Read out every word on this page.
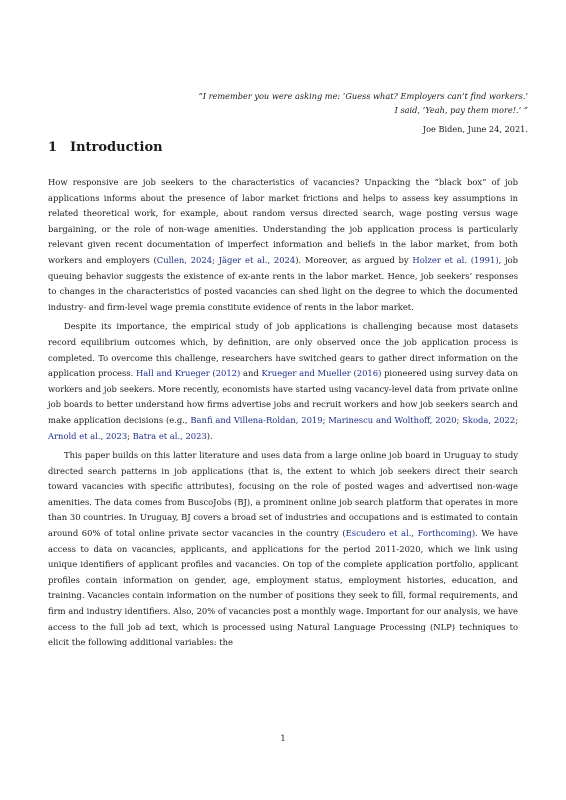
“I remember you were asking me: ‘Guess what? Employers can’t find workers.’
I said, ‘Yeah, pay them more!.’ ”
Joe Biden, June 24, 2021.
1 Introduction

How responsive are job seekers to the characteristics of vacancies? Unpacking the “black box” of job applications informs about the presence of labor market frictions and helps to assess key assumptions in related theoretical work, for example, about random versus directed search, wage posting versus wage bargaining, or the role of non-wage amenities. Understanding the job application process is particularly relevant given recent documentation of imperfect information and beliefs in the labor market, from both workers and employers (Cullen, 2024; Jäger et al., 2024). Moreover, as argued by Holzer et al. (1991), job queuing behavior suggests the existence of ex-ante rents in the labor market. Hence, job seekers’ responses to changes in the characteristics of posted vacancies can shed light on the degree to which the documented industry- and firm-level wage premia constitute evidence of rents in the labor market.

Despite its importance, the empirical study of job applications is challenging because most datasets record equilibrium outcomes which, by definition, are only observed once the job application process is completed. To overcome this challenge, researchers have switched gears to gather direct information on the application process. Hall and Krueger (2012) and Krueger and Mueller (2016) pioneered using survey data on workers and job seekers. More recently, economists have started using vacancy-level data from private online job boards to better understand how firms advertise jobs and recruit workers and how job seekers search and make application decisions (e.g., Banfi and Villena-Roldan, 2019; Marinescu and Wolthoff, 2020; Skoda, 2022; Arnold et al., 2023; Batra et al., 2023).

This paper builds on this latter literature and uses data from a large online job board in Uruguay to study directed search patterns in job applications (that is, the extent to which job seekers direct their search toward vacancies with specific attributes), focusing on the role of posted wages and advertised non-wage amenities. The data comes from BuscoJobs (BJ), a prominent online job search platform that operates in more than 30 countries. In Uruguay, BJ covers a broad set of industries and occupations and is estimated to contain around 60% of total online private sector vacancies in the country (Escudero et al., Forthcoming). We have access to data on vacancies, applicants, and applications for the period 2011-2020, which we link using unique identifiers of applicant profiles and vacancies. On top of the complete application portfolio, applicant profiles contain information on gender, age, employment status, employment histories, education, and training. Vacancies contain information on the number of positions they seek to fill, formal requirements, and firm and industry identifiers. Also, 20% of vacancies post a monthly wage. Important for our analysis, we have access to the full job ad text, which is processed using Natural Language Processing (NLP) techniques to elicit the following additional variables: the

1
